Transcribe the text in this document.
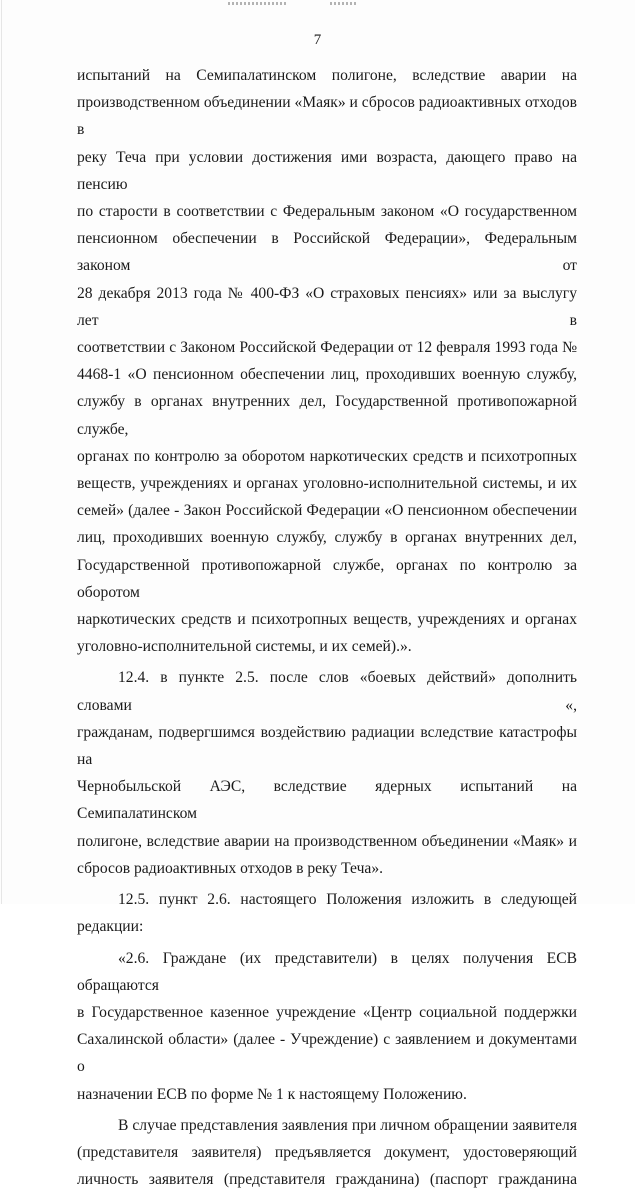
7
испытаний на Семипалатинском полигоне, вследствие аварии на
производственном объединении «Маяк» и сбросов радиоактивных отходов в
реку Теча при условии достижения ими возраста, дающего право на пенсию
по старости в соответствии с Федеральным законом «О государственном
пенсионном обеспечении в Российской Федерации», Федеральным законом от
28 декабря 2013 года № 400-ФЗ «О страховых пенсиях» или за выслугу лет в
соответствии с Законом Российской Федерации от 12 февраля 1993 года №
4468-1 «О пенсионном обеспечении лиц, проходивших военную службу,
службу в органах внутренних дел, Государственной противопожарной службе,
органах по контролю за оборотом наркотических средств и психотропных
веществ, учреждениях и органах уголовно-исполнительной системы, и их
семей» (далее - Закон Российской Федерации «О пенсионном обеспечении
лиц, проходивших военную службу, службу в органах внутренних дел,
Государственной противопожарной службе, органах по контролю за оборотом
наркотических средств и психотропных веществ, учреждениях и органах
уголовно-исполнительной системы, и их семей).».
12.4. в пункте 2.5. после слов «боевых действий» дополнить словами «,
гражданам, подвергшимся воздействию радиации вследствие катастрофы на
Чернобыльской АЭС, вследствие ядерных испытаний на Семипалатинском
полигоне, вследствие аварии на производственном объединении «Маяк» и
сбросов радиоактивных отходов в реку Теча».
12.5. пункт 2.6. настоящего Положения изложить в следующей
редакции:
«2.6. Граждане (их представители) в целях получения ЕСВ обращаются
в Государственное казенное учреждение «Центр социальной поддержки
Сахалинской области» (далее - Учреждение) с заявлением и документами о
назначении ЕСВ по форме № 1 к настоящему Положению.
В случае представления заявления при личном обращении заявителя
(представителя заявителя) предъявляется документ, удостоверяющий
личность заявителя (представителя гражданина) (паспорт гражданина
